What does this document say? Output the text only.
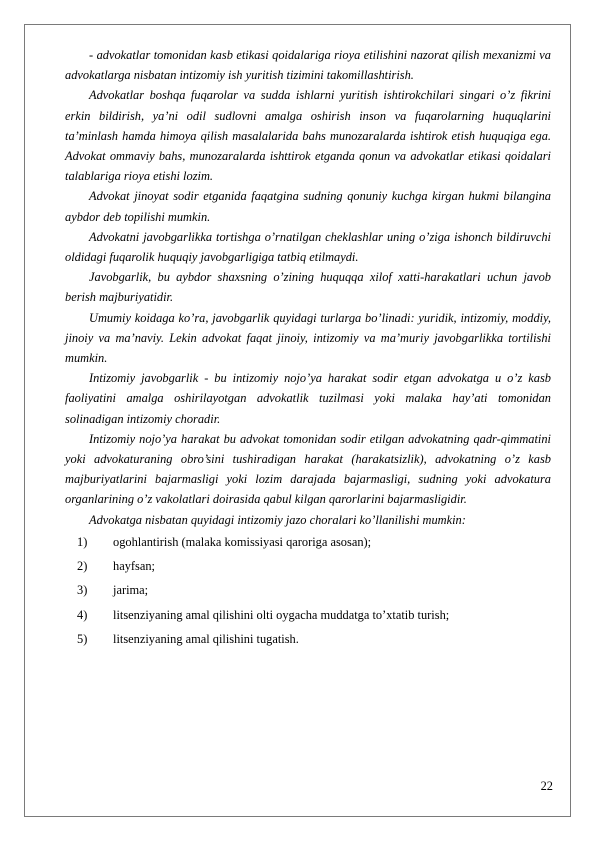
- advokatlar tomonidan kasb etikasi qoidalariga rioya etilishini nazorat qilish mexanizmi va advokatlarga nisbatan intizomiy ish yuritish tizimini takomillashtirish.

Advokatlar boshqa fuqarolar va sudda ishlarni yuritish ishtirokchilari singari o’z fikrini erkin bildirish, ya’ni odil sudlovni amalga oshirish inson va fuqarolarning huquqlarini ta’minlash hamda himoya qilish masalalarida bahs munozaralarda ishtirok etish huquqiga ega. Advokat ommaviy bahs, munozaralarda ishttirok etganda qonun va advokatlar etikasi qoidalari talablariga rioya etishi lozim.

Advokat jinoyat sodir etganida faqatgina sudning qonuniy kuchga kirgan hukmi bilangina aybdor deb topilishi mumkin.

Advokatni javobgarlikka tortishga o’rnatilgan cheklashlar uning o’ziga ishonch bildiruvchi oldidagi fuqarolik huquqiy javobgarligiga tatbiq etilmaydi.

Javobgarlik, bu aybdor shaxsning o’zining huquqqa xilof xatti-harakatlari uchun javob berish majburiyatidir.

Umumiy koidaga ko’ra, javobgarlik quyidagi turlarga bo’linadi: yuridik, intizomiy, moddiy, jinoiy va ma’naviy. Lekin advokat faqat jinoiy, intizomiy va ma’muriy javobgarlikka tortilishi mumkin.

Intizomiy javobgarlik - bu intizomiy nojo’ya harakat sodir etgan advokatga u o’z kasb faoliyatini amalga oshirilayotgan advokatlik tuzilmasi yoki malaka hay’ati tomonidan solinadigan intizomiy choradir.

Intizomiy nojo’ya harakat bu advokat tomonidan sodir etilgan advokatning qadr-qimmatini yoki advokaturaning obro’sini tushiradigan harakat (harakatsizlik), advokatning o’z kasb majburiyatlarini bajarmasligi yoki lozim darajada bajarmasligi, sudning yoki advokatura organlarining o’z vakolatlari doirasida qabul kilgan qarorlarini bajarmasligidir.

Advokatga nisbatan quyidagi intizomiy jazo choralari ko’llanilishi mumkin:

1)	ogohlantirish (malaka komissiyasi qaroriga asosan);
2)	hayfsan;
3)	jarima;
4)	litsenziyaning amal qilishini olti oygacha muddatga to’xtatib turish;
5)	litsenziyaning amal qilishini tugatish.
22
